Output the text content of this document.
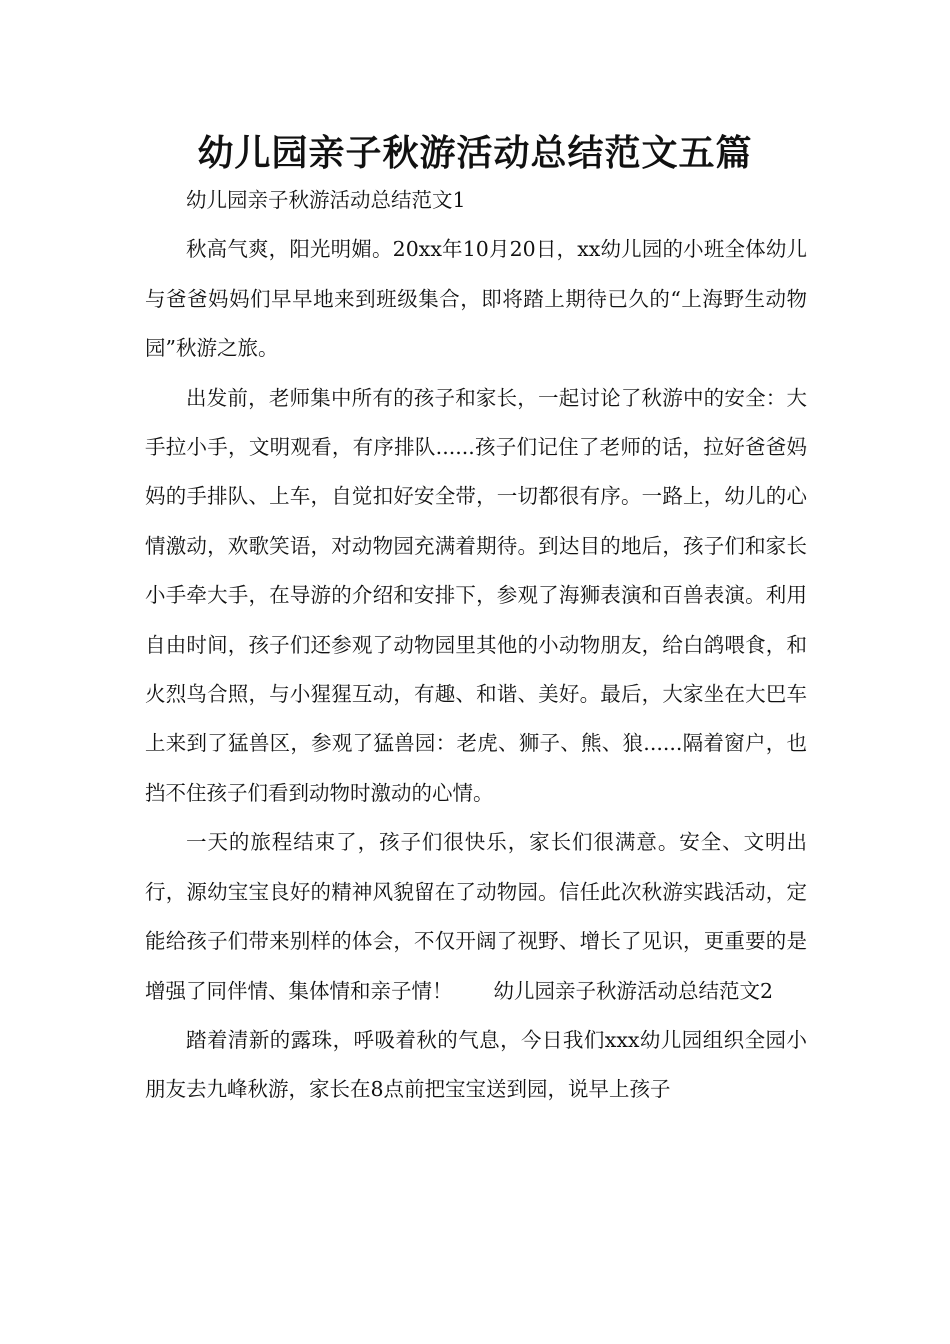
幼儿园亲子秋游活动总结范文五篇

幼儿园亲子秋游活动总结范文1

秋高气爽，阳光明媚。20xx年10月20日，xx幼儿园的小班全体幼儿与爸爸妈妈们早早地来到班级集合，即将踏上期待已久的“上海野生动物园”秋游之旅。

出发前，老师集中所有的孩子和家长，一起讨论了秋游中的安全：大手拉小手，文明观看，有序排队......孩子们记住了老师的话，拉好爸爸妈妈的手排队、上车，自觉扣好安全带，一切都很有序。一路上，幼儿的心情激动，欢歌笑语，对动物园充满着期待。到达目的地后，孩子们和家长小手牵大手，在导游的介绍和安排下，参观了海狮表演和百兽表演。利用自由时间，孩子们还参观了动物园里其他的小动物朋友，给白鸽喂食，和火烈鸟合照，与小猩猩互动，有趣、和谐、美好。最后，大家坐在大巴车上来到了猛兽区，参观了猛兽园：老虎、狮子、熊、狼......隔着窗户，也挡不住孩子们看到动物时激动的心情。

一天的旅程结束了，孩子们很快乐，家长们很满意。安全、文明出行，源幼宝宝良好的精神风貌留在了动物园。信任此次秋游实践活动，定能给孩子们带来别样的体会，不仅开阔了视野、增长了见识，更重要的是增强了同伴情、集体情和亲子情！　　幼儿园亲子秋游活动总结范文2

踏着清新的露珠，呼吸着秋的气息，今日我们xxx幼儿园组织全园小朋友去九峰秋游，家长在8点前把宝宝送到园，说早上孩子
